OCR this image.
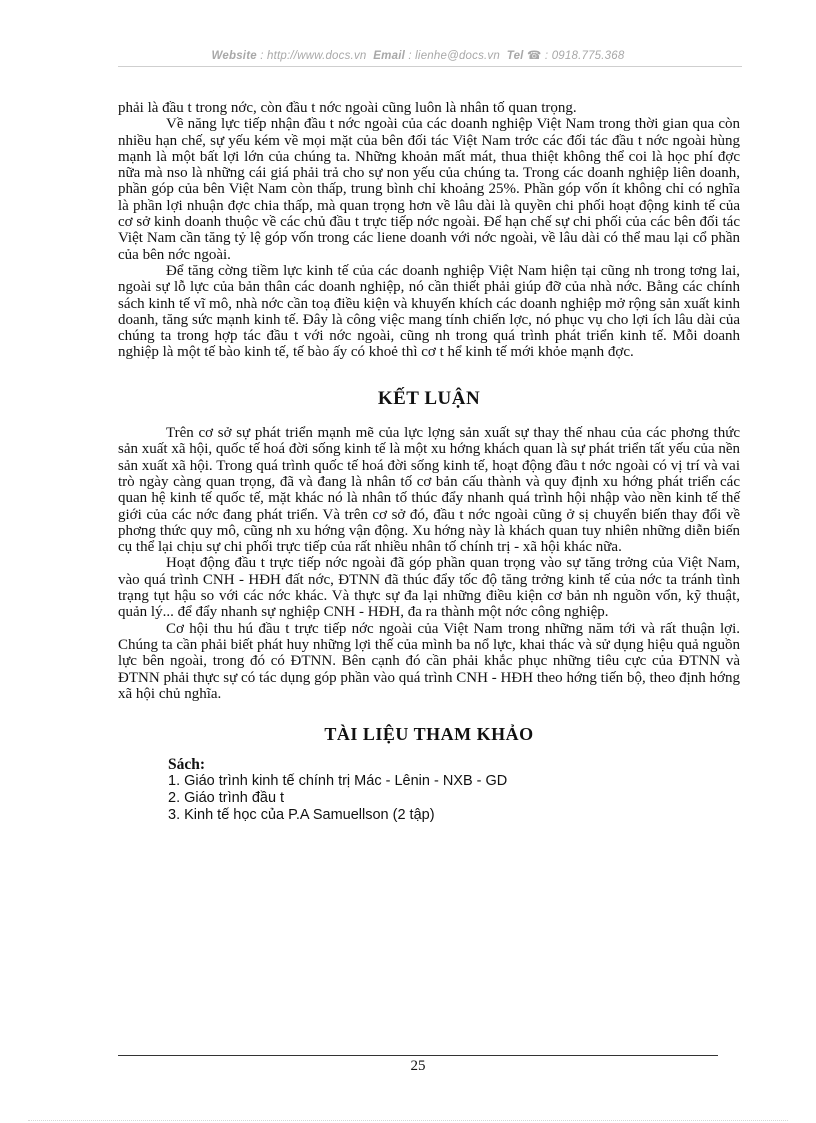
Website : http://www.docs.vn Email : lienhe@docs.vn Tel ☎ : 0918.775.368

phải là đầu t trong nớc, còn đầu t nớc ngoài cũng luôn là nhân tố quan trọng.

Về năng lực tiếp nhận đầu t nớc ngoài của các doanh nghiệp Việt Nam trong thời gian qua còn nhiều hạn chế, sự yếu kém về mọi mặt của bên đối tác Việt Nam trớc các đối tác đầu t nớc ngoài hùng mạnh là một bất lợi lớn của chúng ta. Những khoản mất mát, thua thiệt không thể coi là học phí đợc nữa mà nso là những cái giá phải trả cho sự non yếu của chúng ta. Trong các doanh nghiệp liên doanh, phần góp của bên Việt Nam còn thấp, trung bình chỉ khoảng 25%. Phần góp vốn ít không chỉ có nghĩa là phần lợi nhuận đợc chia thấp, mà quan trọng hơn về lâu dài là quyền chi phối hoạt động kinh tế của cơ sở kinh doanh thuộc về các chủ đầu t trực tiếp nớc ngoài. Để hạn chế sự chi phối của các bên đối tác Việt Nam cần tăng tỷ lệ góp vốn trong các liene doanh với nớc ngoài, về lâu dài có thể mau lại cổ phần của bên nớc ngoài.

Để tăng cờng tiềm lực kinh tế của các doanh nghiệp Việt Nam hiện tại cũng nh trong tơng lai, ngoài sự lỗ lực của bản thân các doanh nghiệp, nó cần thiết phải giúp đỡ của nhà nớc. Bằng các chính sách kinh tế vĩ mô, nhà nớc cần toạ điều kiện và khuyến khích các doanh nghiệp mở rộng sản xuất kinh doanh, tăng sức mạnh kinh tế. Đây là công việc mang tính chiến lợc, nó phục vụ cho lợi ích lâu dài của chúng ta trong hợp tác đầu t với nớc ngoài, cũng nh trong quá trình phát triển kinh tế. Mỗi doanh nghiệp là một tế bào kinh tế, tế bào ấy có khoẻ thì cơ t hể kinh tế mới khỏe mạnh đợc.

KẾT LUẬN

Trên cơ sở sự phát triển mạnh mẽ của lực lợng sản xuất sự thay thế nhau của các phơng thức sản xuất xã hội, quốc tế hoá đời sống kinh tế là một xu hớng khách quan là sự phát triển tất yếu của nền sản xuất xã hội. Trong quá trình quốc tế hoá đời sống kinh tế, hoạt động đầu t nớc ngoài có vị trí và vai trò ngày càng quan trọng, đã và đang là nhân tố cơ bản cấu thành và quy định xu hớng phát triển các quan hệ kinh tế quốc tế, mặt khác nó là nhân tố thúc đẩy nhanh quá trình hội nhập vào nền kinh tế thế giới của các nớc đang phát triển. Và trên cơ sở đó, đầu t nớc ngoài cũng ở sị chuyển biến thay đổi về phơng thức quy mô, cũng nh xu hớng vận động. Xu hớng này là khách quan tuy nhiên những diễn biến cụ thể lại chịu sự chi phối trực tiếp của rất nhiều nhân tố chính trị - xã hội khác nữa.

Hoạt động đầu t trực tiếp nớc ngoài đã góp phần quan trọng vào sự tăng trởng của Việt Nam, vào quá trình CNH - HĐH đất nớc, ĐTNN đã thúc đẩy tốc độ tăng trởng kinh tế của nớc ta tránh tình trạng tụt hậu so với các nớc khác. Và thực sự đa lại những điều kiện cơ bản nh nguồn vốn, kỹ thuật, quản lý... để đẩy nhanh sự nghiệp CNH - HĐH, đa ra thành một nớc công nghiệp.

Cơ hội thu hú đầu t trực tiếp nớc ngoài của Việt Nam trong những năm tới và rất thuận lợi. Chúng ta cần phải biết phát huy những lợi thế của mình ba nổ lực, khai thác và sử dụng hiệu quả nguồn lực bên ngoài, trong đó có ĐTNN. Bên cạnh đó cần phải khắc phục những tiêu cực của ĐTNN và ĐTNN phải thực sự có tác dụng góp phần vào quá trình CNH - HĐH theo hớng tiến bộ, theo định hớng xã hội chủ nghĩa.

TÀI LIỆU THAM KHẢO
Sách:
1. Giáo trình kinh tế chính trị Mác - Lênin - NXB - GD
2. Giáo trình đầu t
3. Kinh tế học của P.A Samuellson (2 tập)
25
